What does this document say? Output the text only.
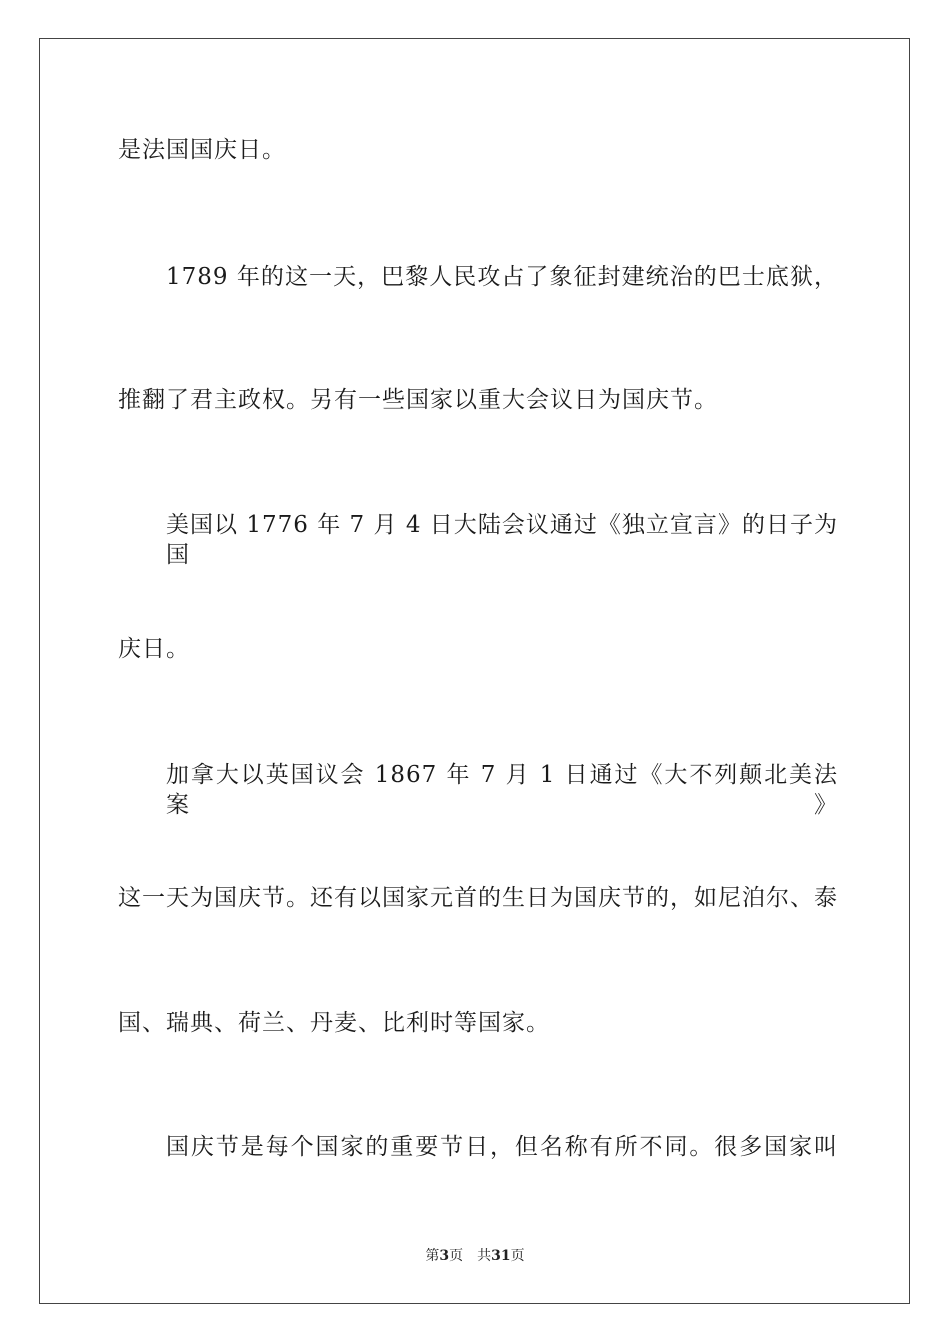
是法国国庆日。
1789 年的这一天，巴黎人民攻占了象征封建统治的巴士底狱，
推翻了君主政权。另有一些国家以重大会议日为国庆节。
美国以 1776 年 7 月 4 日大陆会议通过《独立宣言》的日子为国
庆日。
加拿大以英国议会 1867 年 7 月 1 日通过《大不列颠北美法案》
这一天为国庆节。还有以国家元首的生日为国庆节的，如尼泊尔、泰
国、瑞典、荷兰、丹麦、比利时等国家。
国庆节是每个国家的重要节日，但名称有所不同。很多国家叫
第3页 共31页
